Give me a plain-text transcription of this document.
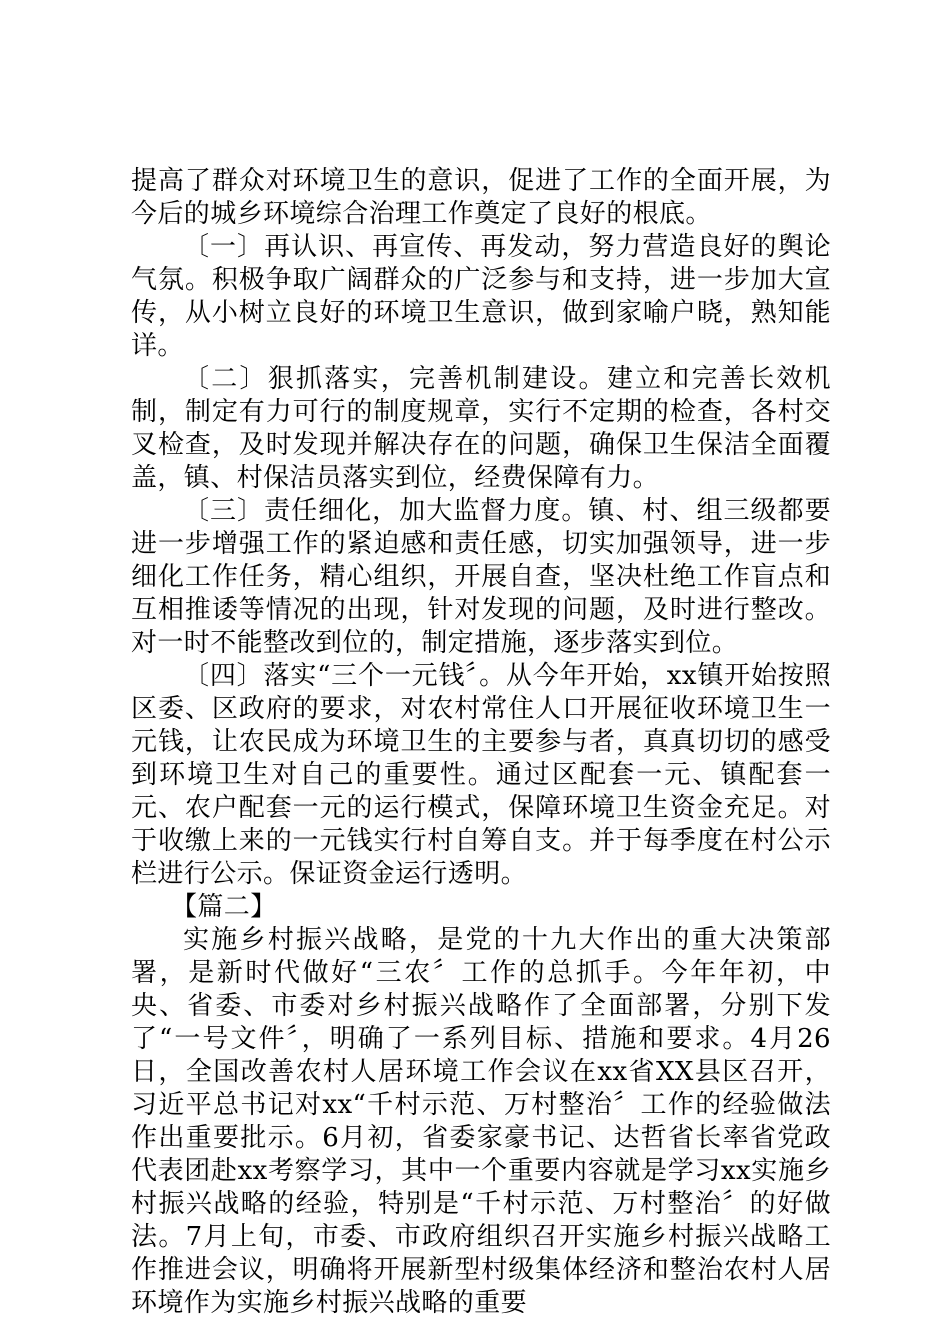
提高了群众对环境卫生的意识，促进了工作的全面开展，为今后的城乡环境综合治理工作奠定了良好的根底。

〔一〕再认识、再宣传、再发动，努力营造良好的舆论气氛。积极争取广阔群众的广泛参与和支持，进一步加大宣传，从小树立良好的环境卫生意识，做到家喻户晓，熟知能详。

〔二〕狠抓落实，完善机制建设。建立和完善长效机制，制定有力可行的制度规章，实行不定期的检查，各村交叉检查，及时发现并解决存在的问题，确保卫生保洁全面覆盖，镇、村保洁员落实到位，经费保障有力。

〔三〕责任细化，加大监督力度。镇、村、组三级都要进一步增强工作的紧迫感和责任感，切实加强领导，进一步细化工作任务，精心组织，开展自查，坚决杜绝工作盲点和互相推诿等情况的出现，针对发现的问题，及时进行整改。对一时不能整改到位的，制定措施，逐步落实到位。

〔四〕落实“三个一元钱〞。从今年开始，xx镇开始按照区委、区政府的要求，对农村常住人口开展征收环境卫生一元钱，让农民成为环境卫生的主要参与者，真真切切的感受到环境卫生对自己的重要性。通过区配套一元、镇配套一元、农户配套一元的运行模式，保障环境卫生资金充足。对于收缴上来的一元钱实行村自筹自支。并于每季度在村公示栏进行公示。保证资金运行透明。

【篇二】

实施乡村振兴战略，是党的十九大作出的重大决策部署，是新时代做好“三农〞工作的总抓手。今年年初，中央、省委、市委对乡村振兴战略作了全面部署，分别下发了“一号文件〞，明确了一系列目标、措施和要求。4月26日，全国改善农村人居环境工作会议在xx省XX县区召开，习近平总书记对xx“千村示范、万村整治〞工作的经验做法作出重要批示。6月初，省委家豪书记、达哲省长率省党政代表团赴xx考察学习，其中一个重要内容就是学习xx实施乡村振兴战略的经验，特别是“千村示范、万村整治〞的好做法。7月上旬，市委、市政府组织召开实施乡村振兴战略工作推进会议，明确将开展新型村级集体经济和整治农村人居环境作为实施乡村振兴战略的重要
